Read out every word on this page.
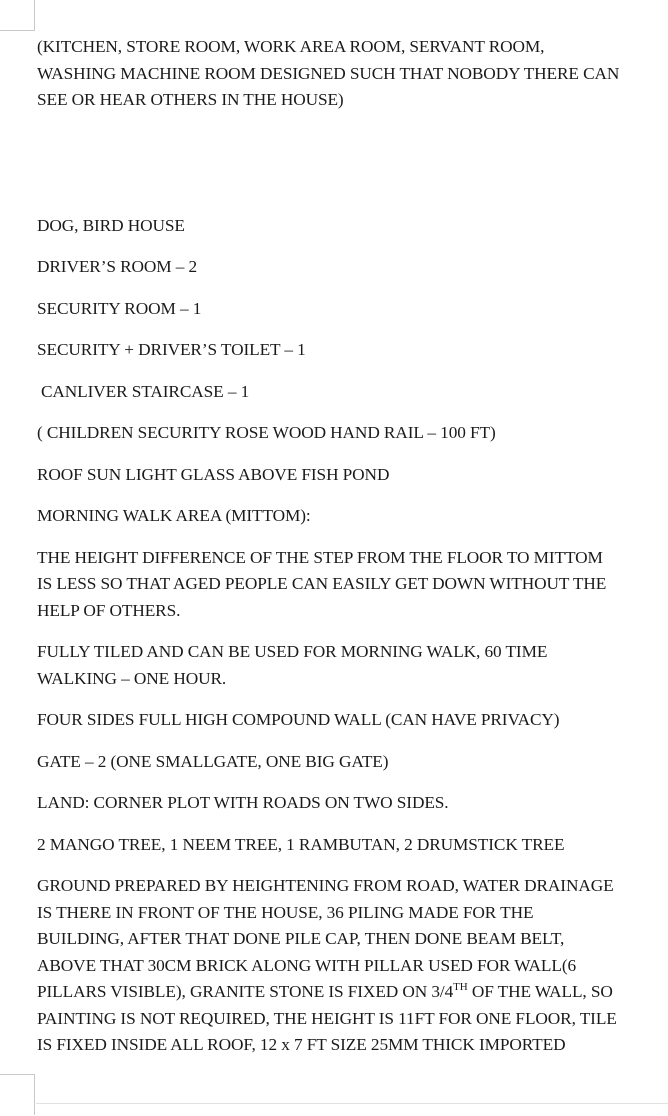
(KITCHEN, STORE ROOM, WORK AREA ROOM, SERVANT ROOM,
WASHING MACHINE ROOM DESIGNED SUCH THAT NOBODY THERE CAN
SEE OR HEAR OTHERS IN THE HOUSE)

DOG, BIRD HOUSE

DRIVER’S ROOM – 2

SECURITY ROOM – 1

SECURITY + DRIVER’S TOILET – 1

CANLIVER STAIRCASE – 1

( CHILDREN SECURITY ROSE WOOD HAND RAIL – 100 FT)

ROOF SUN LIGHT GLASS ABOVE FISH POND

MORNING WALK AREA (MITTOM):

THE HEIGHT DIFFERENCE OF THE STEP FROM THE FLOOR TO MITTOM
IS LESS SO THAT AGED PEOPLE CAN EASILY GET DOWN WITHOUT THE
HELP OF OTHERS.

FULLY TILED AND CAN BE USED FOR MORNING WALK, 60 TIME
WALKING – ONE HOUR.

FOUR SIDES FULL HIGH COMPOUND WALL (CAN HAVE PRIVACY)

GATE – 2 (ONE SMALLGATE, ONE BIG GATE)

LAND: CORNER PLOT WITH ROADS ON TWO SIDES.

2 MANGO TREE, 1 NEEM TREE, 1 RAMBUTAN, 2 DRUMSTICK TREE

GROUND PREPARED BY HEIGHTENING FROM ROAD, WATER DRAINAGE
IS THERE IN FRONT OF THE HOUSE, 36 PILING MADE FOR THE
BUILDING, AFTER THAT DONE PILE CAP, THEN DONE BEAM BELT,
ABOVE THAT 30CM BRICK ALONG WITH PILLAR USED FOR WALL(6
PILLARS VISIBLE), GRANITE STONE IS FIXED ON 3/4TH OF THE WALL, SO
PAINTING IS NOT REQUIRED, THE HEIGHT IS 11FT FOR ONE FLOOR, TILE
IS FIXED INSIDE ALL ROOF, 12 x 7 FT SIZE 25MM THICK IMPORTED
